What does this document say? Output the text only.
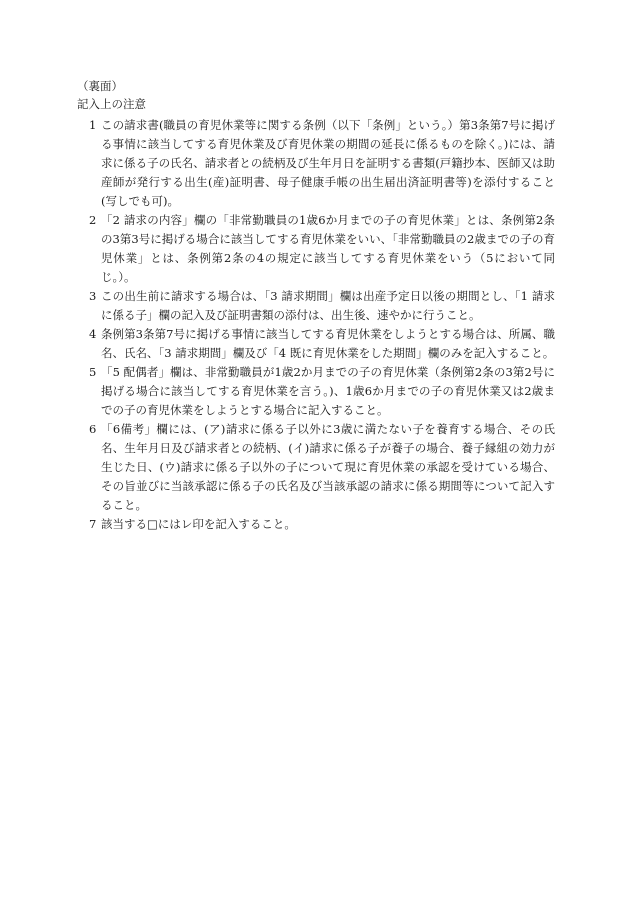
（裏面）
記入上の注意
1 この請求書(職員の育児休業等に関する条例（以下「条例」という。）第3条第7号に掲げる事情に該当してする育児休業及び育児休業の期間の延長に係るものを除く。)には、請求に係る子の氏名、請求者との続柄及び生年月日を証明する書類(戸籍抄本、医師又は助産師が発行する出生(産)証明書、母子健康手帳の出生届出済証明書等)を添付すること(写しでも可)。
2 「2 請求の内容」欄の「非常勤職員の1歳6か月までの子の育児休業」とは、条例第2条の3第3号に掲げる場合に該当してする育児休業をいい、「非常勤職員の2歳までの子の育児休業」とは、条例第2条の4の規定に該当してする育児休業をいう（5において同じ。）。
3 この出生前に請求する場合は、「3 請求期間」欄は出産予定日以後の期間とし、「1 請求に係る子」欄の記入及び証明書類の添付は、出生後、速やかに行うこと。
4 条例第3条第7号に掲げる事情に該当してする育児休業をしようとする場合は、所属、職名、氏名、「3 請求期間」欄及び「4 既に育児休業をした期間」欄のみを記入すること。
5 「5 配偶者」欄は、非常勤職員が1歳2か月までの子の育児休業（条例第2条の3第2号に掲げる場合に該当してする育児休業を言う。)、1歳6か月までの子の育児休業又は2歳までの子の育児休業をしようとする場合に記入すること。
6 「6備考」欄には、(ア)請求に係る子以外に3歳に満たない子を養育する場合、その氏名、生年月日及び請求者との続柄、(イ)請求に係る子が養子の場合、養子縁組の効力が生じた日、(ウ)請求に係る子以外の子について現に育児休業の承認を受けている場合、その旨並びに当該承認に係る子の氏名及び当該承認の請求に係る期間等について記入すること。
7 該当する□にはレ印を記入すること。
